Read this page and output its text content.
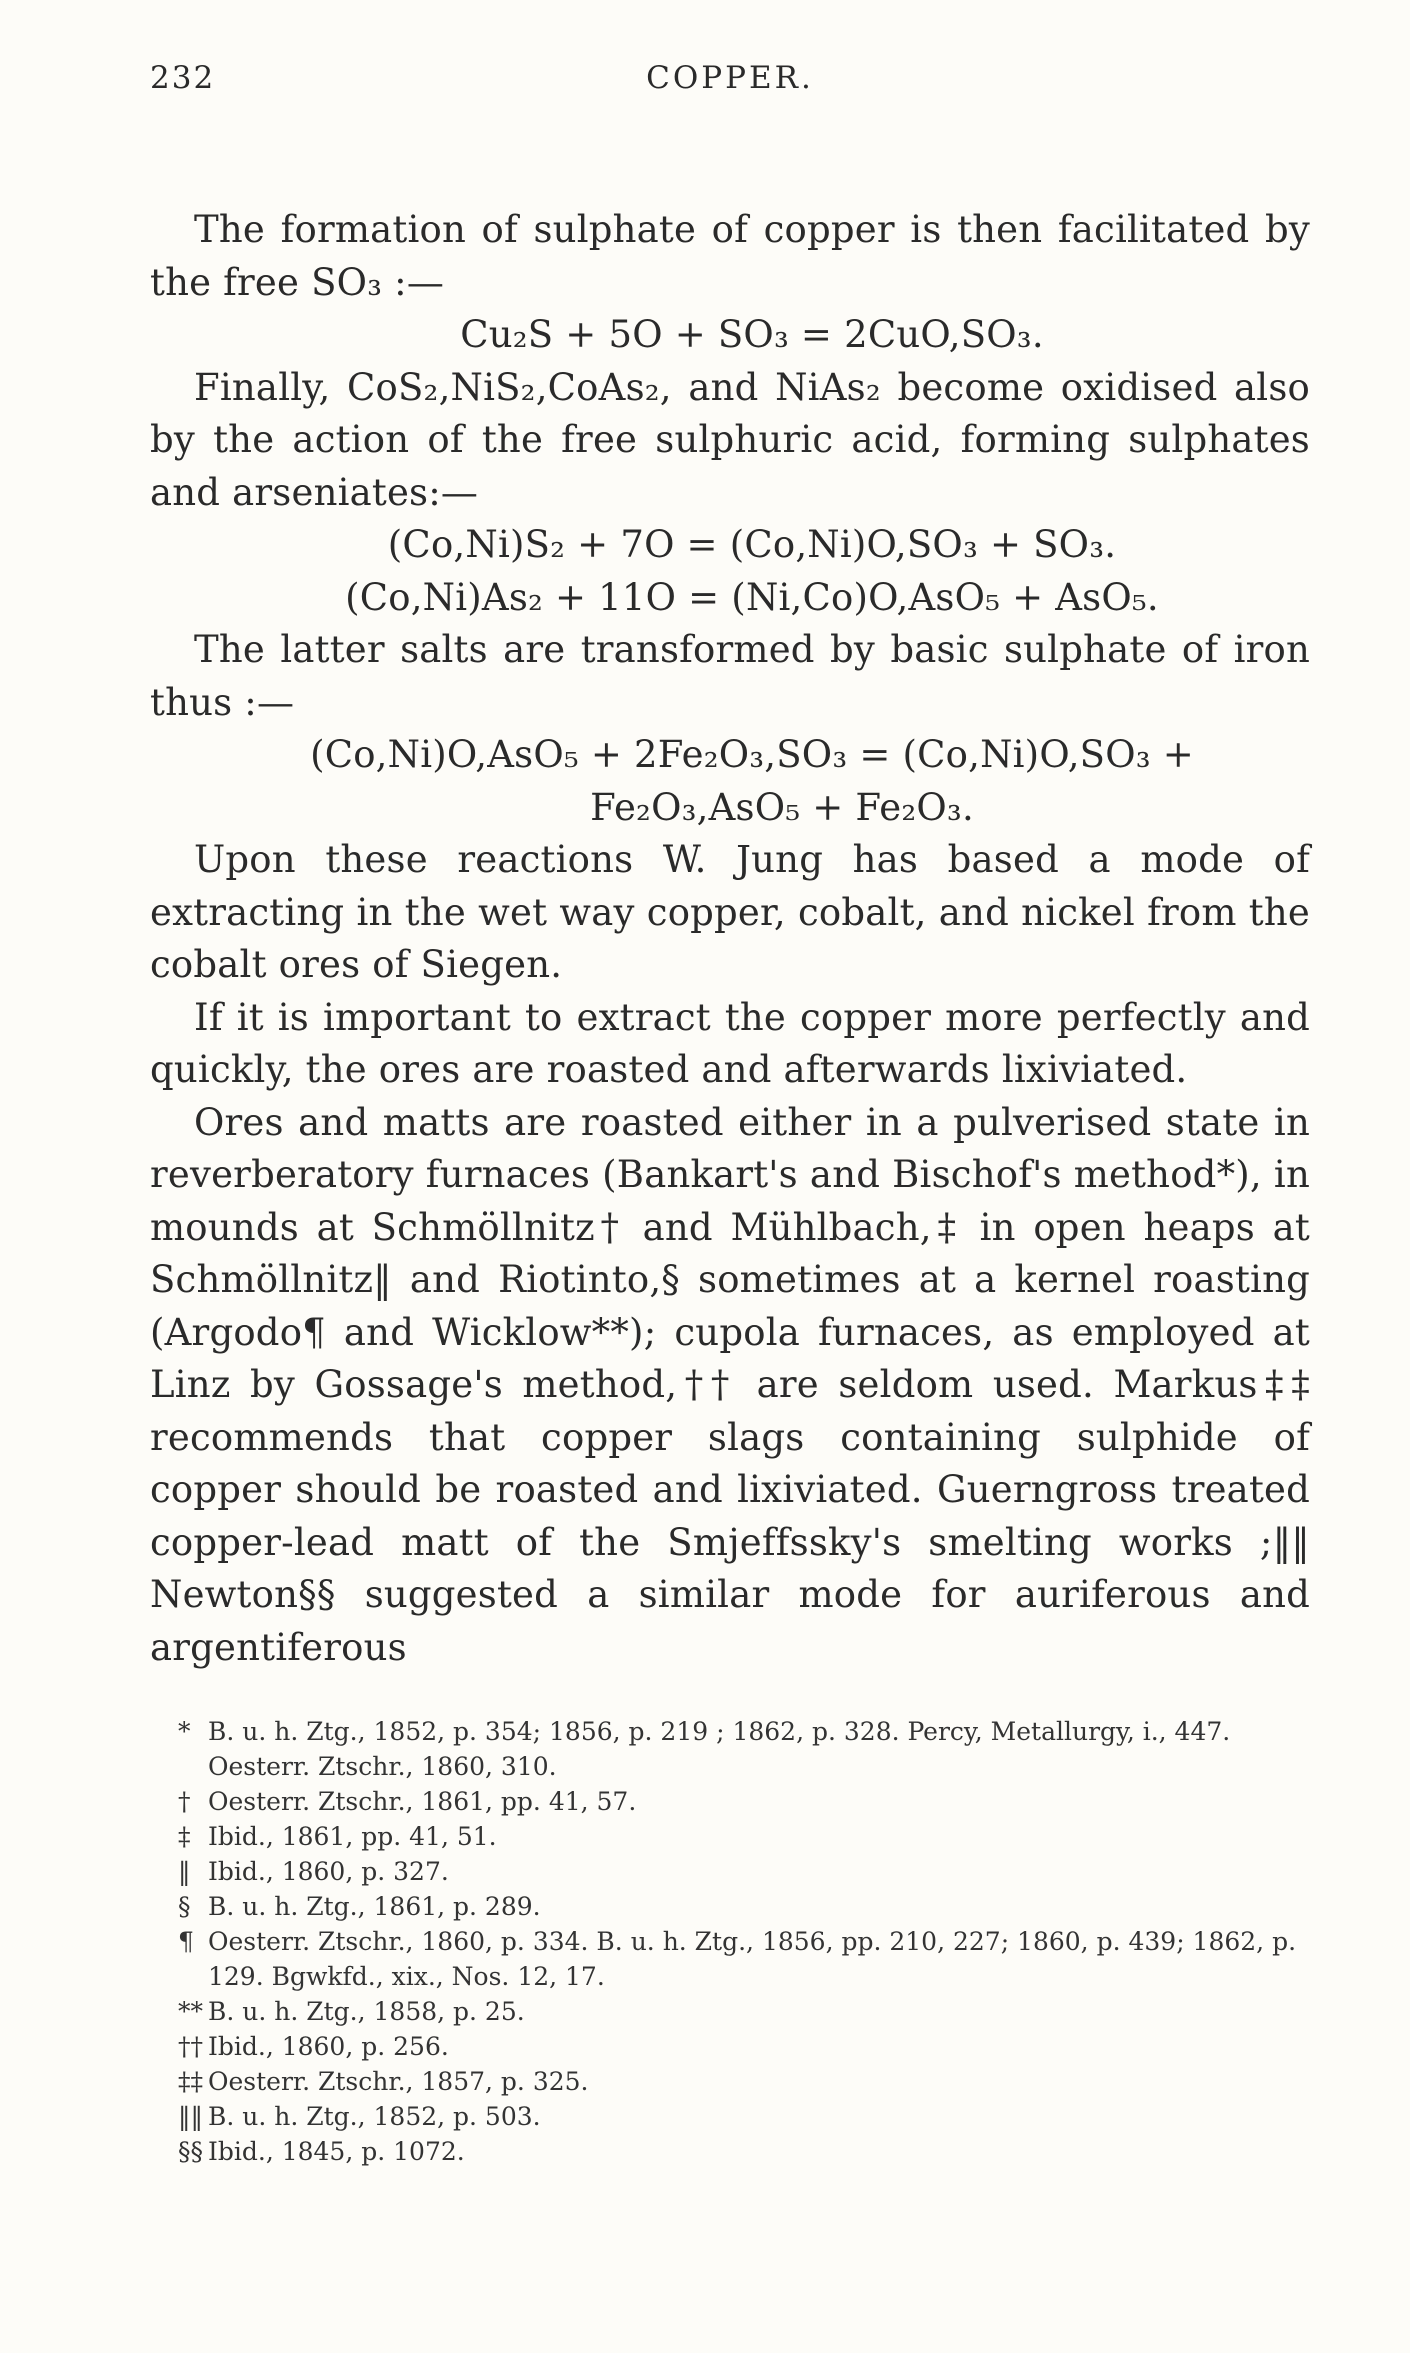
232	COPPER.

The formation of sulphate of copper is then facilitated by the free SO₃ :—

Cu₂S + 5O + SO₃ = 2CuO,SO₃.

Finally, CoS₂,NiS₂,CoAs₂, and NiAs₂ become oxidised also by the action of the free sulphuric acid, forming sulphates and arseniates:—

(Co,Ni)S₂ + 7O = (Co,Ni)O,SO₃ + SO₃.

(Co,Ni)As₂ + 11O = (Ni,Co)O,AsO₅ + AsO₅.

The latter salts are transformed by basic sulphate of iron thus :—

(Co,Ni)O,AsO₅ + 2Fe₂O₃,SO₃ = (Co,Ni)O,SO₃ +

Fe₂O₃,AsO₅ + Fe₂O₃.

Upon these reactions W. Jung has based a mode of extracting in the wet way copper, cobalt, and nickel from the cobalt ores of Siegen.

If it is important to extract the copper more perfectly and quickly, the ores are roasted and afterwards lixiviated.

Ores and matts are roasted either in a pulverised state in reverberatory furnaces (Bankart's and Bischof's method*), in mounds at Schmöllnitz† and Mühlbach,‡ in open heaps at Schmöllnitz‖ and Riotinto,§ sometimes at a kernel roasting (Argodo¶ and Wicklow**); cupola furnaces, as employed at Linz by Gossage's method,†† are seldom used. Markus‡‡ recommends that copper slags containing sulphide of copper should be roasted and lixiviated. Guerngross treated copper-lead matt of the Smjeffssky's smelting works ;‖‖ Newton§§ suggested a similar mode for auriferous and argentiferous

* B. u. h. Ztg., 1852, p. 354; 1856, p. 219 ; 1862, p. 328. Percy, Metallurgy, i., 447. Oesterr. Ztschr., 1860, 310.

† Oesterr. Ztschr., 1861, pp. 41, 57.

‡ Ibid., 1861, pp. 41, 51.

‖ Ibid., 1860, p. 327.

§ B. u. h. Ztg., 1861, p. 289.

¶ Oesterr. Ztschr., 1860, p. 334. B. u. h. Ztg., 1856, pp. 210, 227; 1860, p. 439; 1862, p. 129. Bgwkfd., xix., Nos. 12, 17.

** B. u. h. Ztg., 1858, p. 25.

†† Ibid., 1860, p. 256.

‡‡ Oesterr. Ztschr., 1857, p. 325.

‖‖ B. u. h. Ztg., 1852, p. 503.

§§ Ibid., 1845, p. 1072.
